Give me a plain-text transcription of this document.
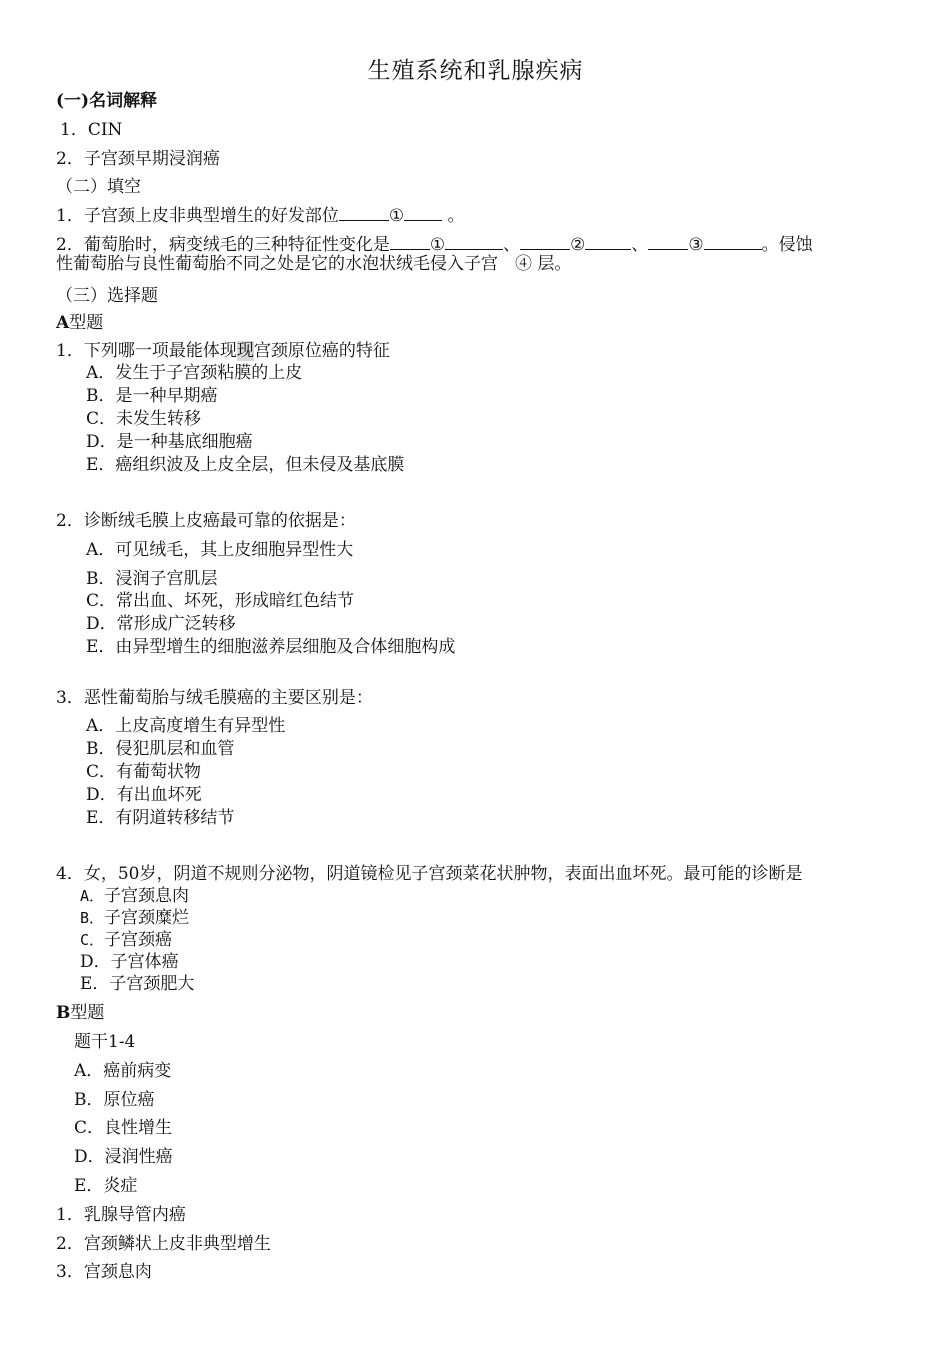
生殖系统和乳腺疾病
(一)名词解释
1．CIN
2．子宫颈早期浸润癌
（二）填空
1．子宫颈上皮非典型增生的好发部位	①	。
2．葡萄胎时，病变绒毛的三种特征性变化是 ①	、	②	、 ③	。侵蚀
性葡萄胎与良性葡萄胎不同之处是它的水泡状绒毛侵入子宫　④ 层。
（三）选择题
A型题
1．下列哪一项最能体现现宫颈原位癌的特征
A．发生于子宫颈粘膜的上皮
B．是一种早期癌
C．未发生转移
D．是一种基底细胞癌
E．癌组织波及上皮全层，但未侵及基底膜
2．诊断绒毛膜上皮癌最可靠的依据是：
A．可见绒毛，其上皮细胞异型性大
B．浸润子宫肌层
C．常出血、坏死，形成暗红色结节
D．常形成广泛转移
E．由异型增生的细胞滋养层细胞及合体细胞构成
3．恶性葡萄胎与绒毛膜癌的主要区别是：
A．上皮高度增生有异型性
B．侵犯肌层和血管
C．有葡萄状物
D．有出血坏死
E．有阴道转移结节
4．女，50岁，阴道不规则分泌物，阴道镜检见子宫颈菜花状肿物，表面出血坏死。最可能的诊断是
A．子宫颈息肉
B．子宫颈糜烂
C．子宫颈癌
D．子宫体癌
E．子宫颈肥大
B型题
题干1-4
A．癌前病变
B．原位癌
C．良性增生
D．浸润性癌
E．炎症
1．乳腺导管内癌
2．宫颈鳞状上皮非典型增生
3．宫颈息肉
